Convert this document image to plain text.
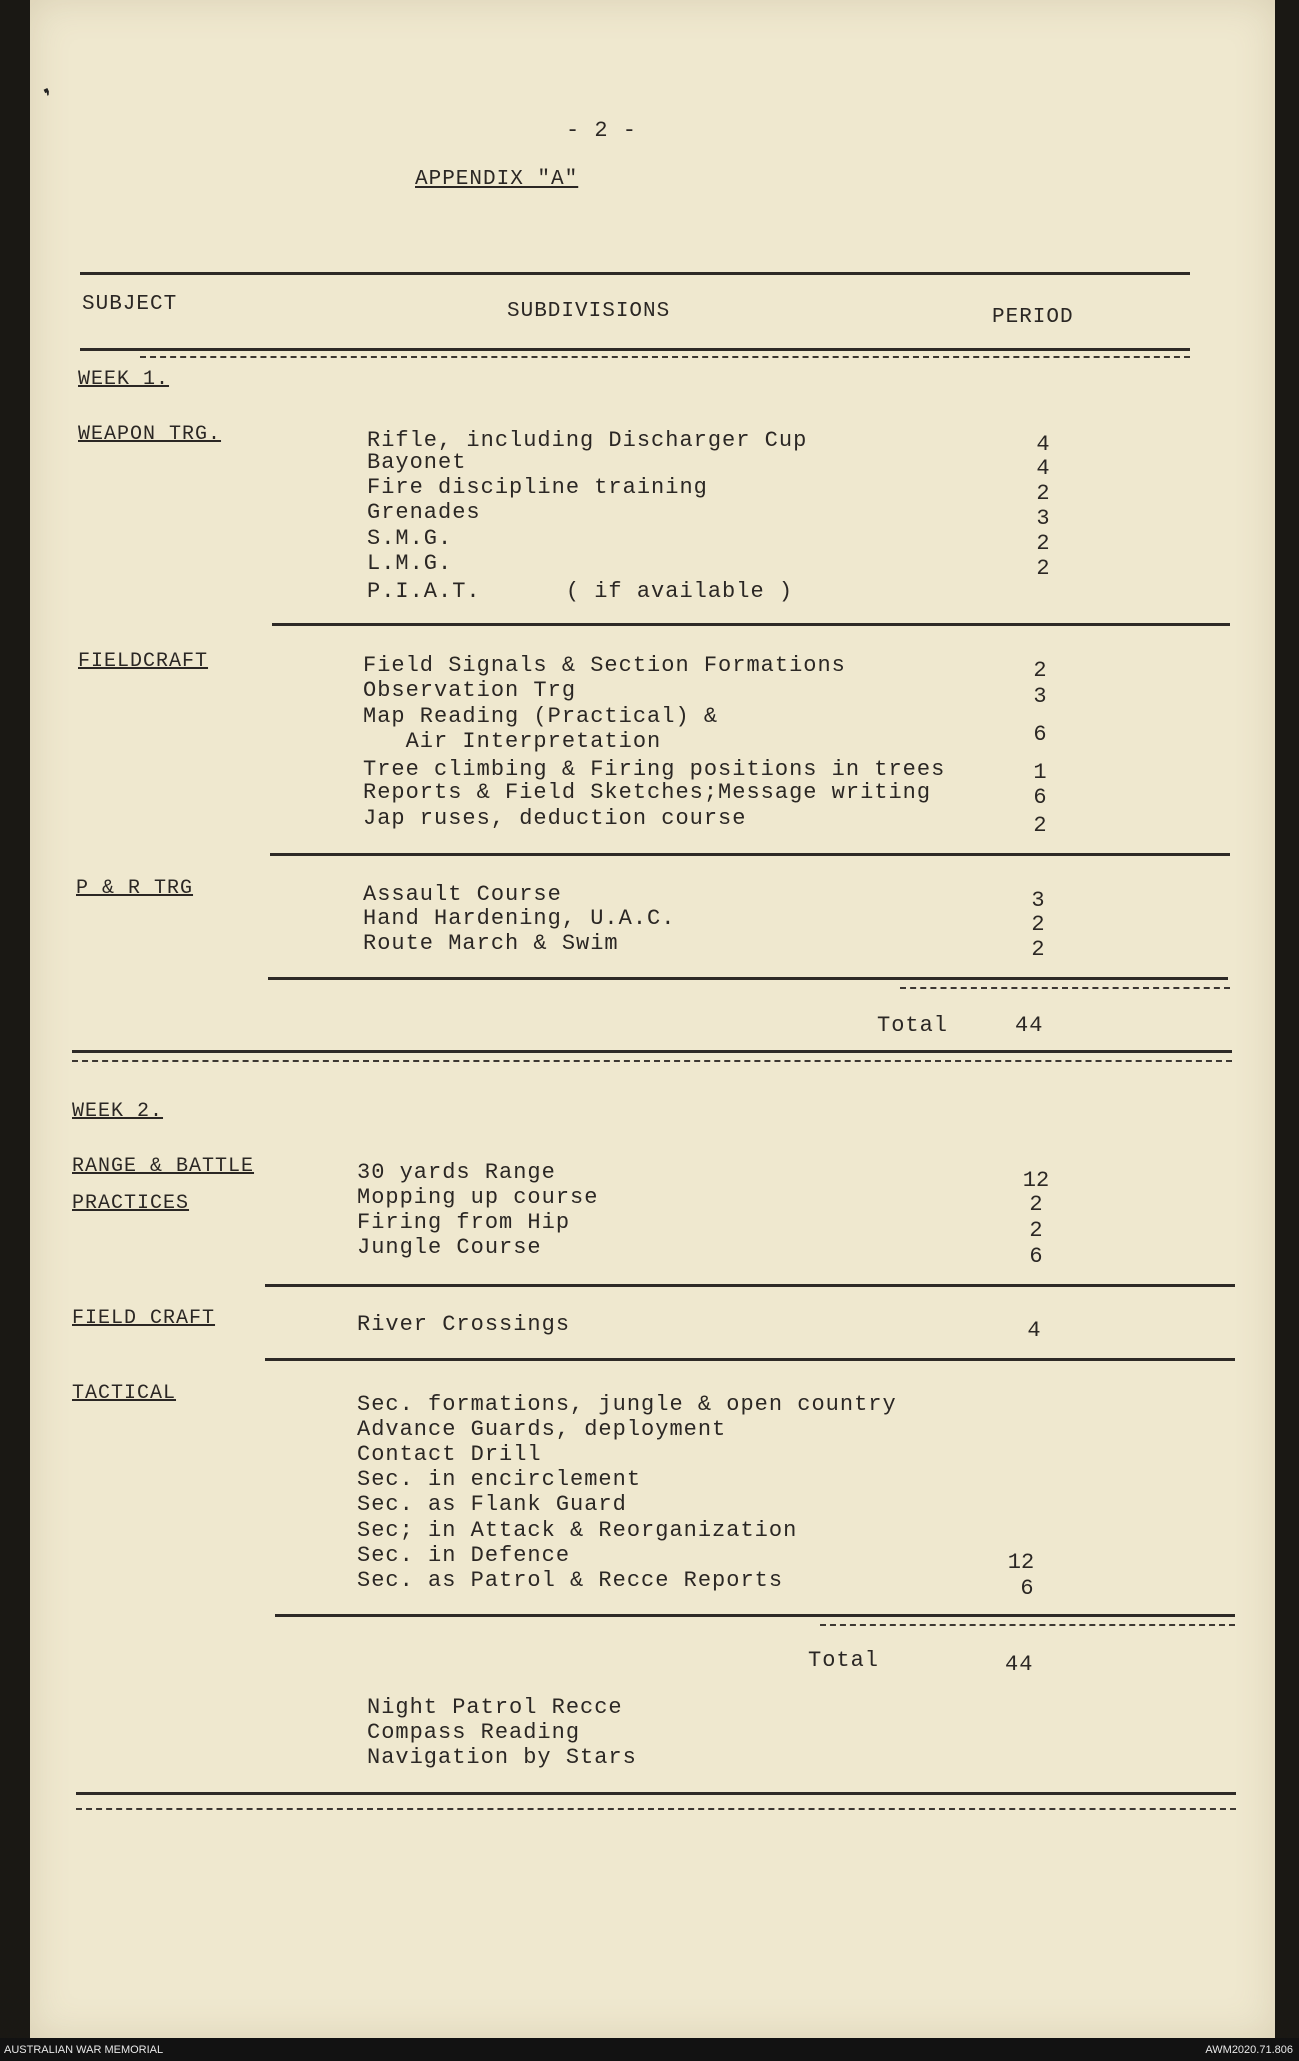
❜
- 2 -
APPENDIX "A"
SUBJECT	SUBDIVISIONS	PERIOD
WEEK 1.
WEAPON TRG.	Rifle, including Discharger Cup	4
Bayonet	4
Fire discipline training	2
Grenades	3
S.M.G.	2
L.M.G.	2
P.I.A.T.      ( if available )
FIELDCRAFT	Field Signals & Section Formations	2
Observation Trg	3
Map Reading (Practical) &
Air Interpretation	6
Tree climbing & Firing positions in trees	1
Reports & Field Sketches;Message writing	6
Jap ruses, deduction course	2
P & R TRG	Assault Course	3
Hand Hardening, U.A.C.	2
Route March & Swim	2
Total	44
WEEK 2.
RANGE & BATTLE
PRACTICES
30 yards Range	12
Mopping up course	2
Firing from Hip	2
Jungle Course	6
FIELD CRAFT	River Crossings	4
TACTICAL	Sec. formations, jungle & open country
Advance Guards, deployment
Contact Drill
Sec. in encirclement
Sec. as Flank Guard
Sec; in Attack & Reorganization
Sec. in Defence	12
Sec. as Patrol & Recce Reports	6
Total	44
Night Patrol Recce
Compass Reading
Navigation by Stars
AUSTRALIAN WAR MEMORIAL	AWM2020.71.806
